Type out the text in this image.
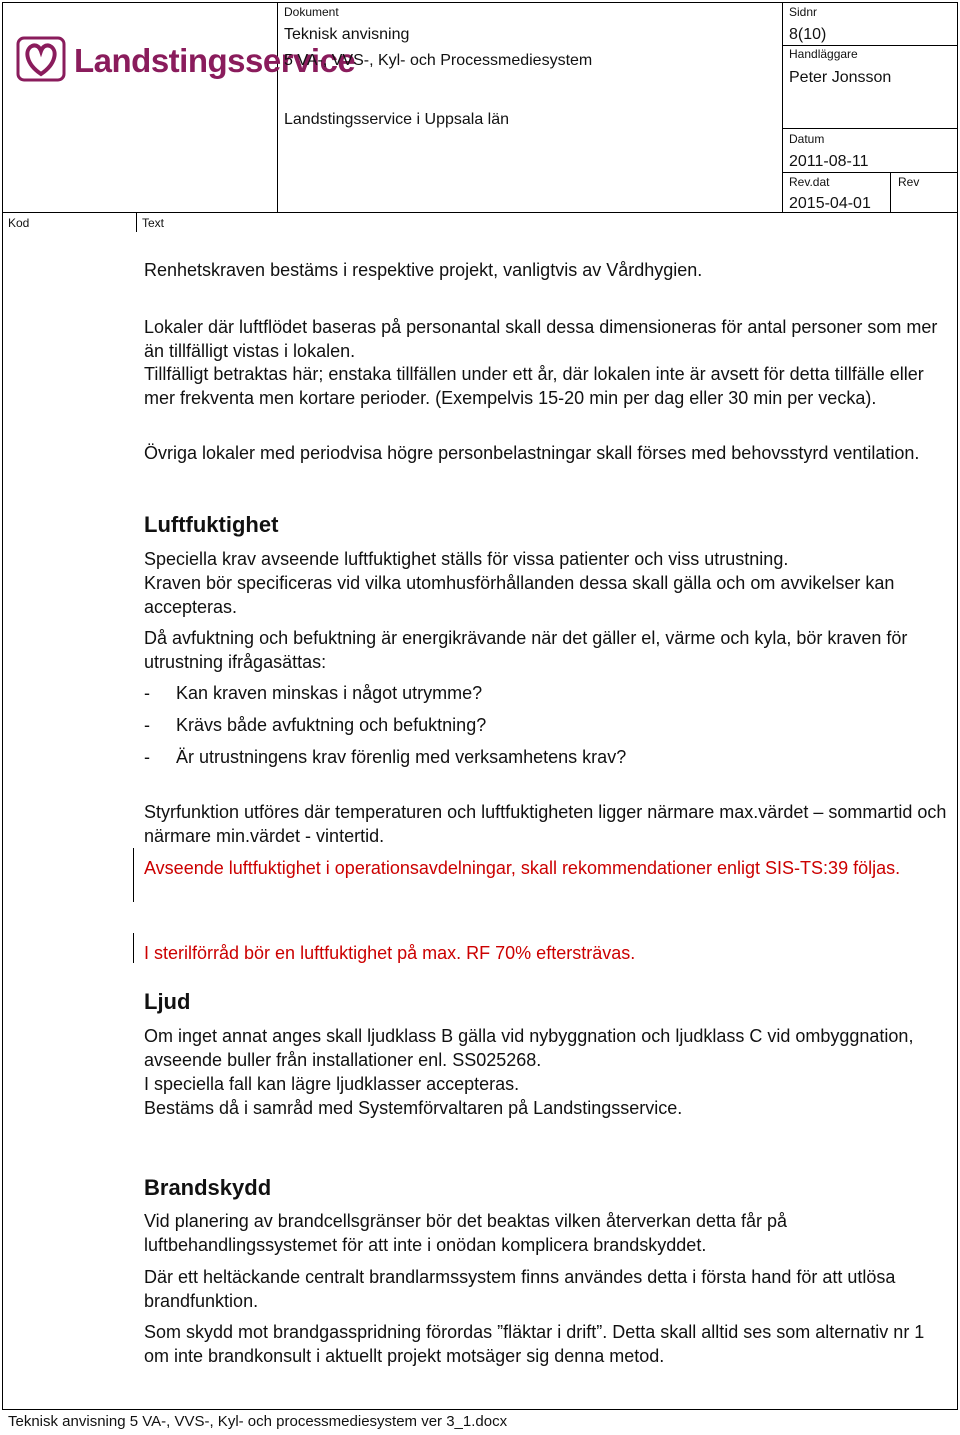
Landstingsservice
Dokument
Teknisk anvisning
5 VA-, VVS-, Kyl- och Processmediesystem
Landstingsservice i Uppsala län
Sidnr
8(10)
Handläggare
Peter Jonsson
Datum
2011-08-11
Rev.dat
2015-04-01
Rev
Kod	Text

Renhetskraven bestäms i respektive projekt, vanligtvis av Vårdhygien.

Lokaler där luftflödet baseras på personantal skall dessa dimensioneras för antal personer som mer än tillfälligt vistas i lokalen.

Tillfälligt betraktas här; enstaka tillfällen under ett år, där lokalen inte är avsett för detta tillfälle eller mer frekventa men kortare perioder. (Exempelvis 15-20 min per dag eller 30 min per vecka).

Övriga lokaler med periodvisa högre personbelastningar skall förses med behovsstyrd ventilation.

Luftfuktighet

Speciella krav avseende luftfuktighet ställs för vissa patienter och viss utrustning.

Kraven bör specificeras vid vilka utomhusförhållanden dessa skall gälla och om avvikelser kan accepteras.

Då avfuktning och befuktning är energikrävande när det gäller el, värme och kyla, bör kraven för utrustning ifrågasättas:

- Kan kraven minskas i något utrymme?
- Krävs både avfuktning och befuktning?
- Är utrustningens krav förenlig med verksamhetens krav?

Styrfunktion utföres där temperaturen och luftfuktigheten ligger närmare max.värdet – sommartid och närmare min.värdet - vintertid.

Avseende luftfuktighet i operationsavdelningar, skall rekommendationer enligt SIS-TS:39 följas.

I sterilförråd bör en luftfuktighet på max. RF 70% eftersträvas.

Ljud

Om inget annat anges skall ljudklass B gälla vid nybyggnation och ljudklass C vid ombyggnation, avseende buller från installationer enl. SS025268.

I speciella fall kan lägre ljudklasser accepteras.

Bestäms då i samråd med Systemförvaltaren på Landstingsservice.

Brandskydd

Vid planering av brandcellsgränser bör det beaktas vilken återverkan detta får på luftbehandlingssystemet för att inte i onödan komplicera brandskyddet.

Där ett heltäckande centralt brandlarmssystem finns användes detta i första hand för att utlösa brandfunktion.

Som skydd mot brandgasspridning förordas ”fläktar i drift”. Detta skall alltid ses som alternativ nr 1 om inte brandkonsult i aktuellt projekt motsäger sig denna metod.

Teknisk anvisning 5 VA-, VVS-, Kyl- och processmediesystem ver 3_1.docx
